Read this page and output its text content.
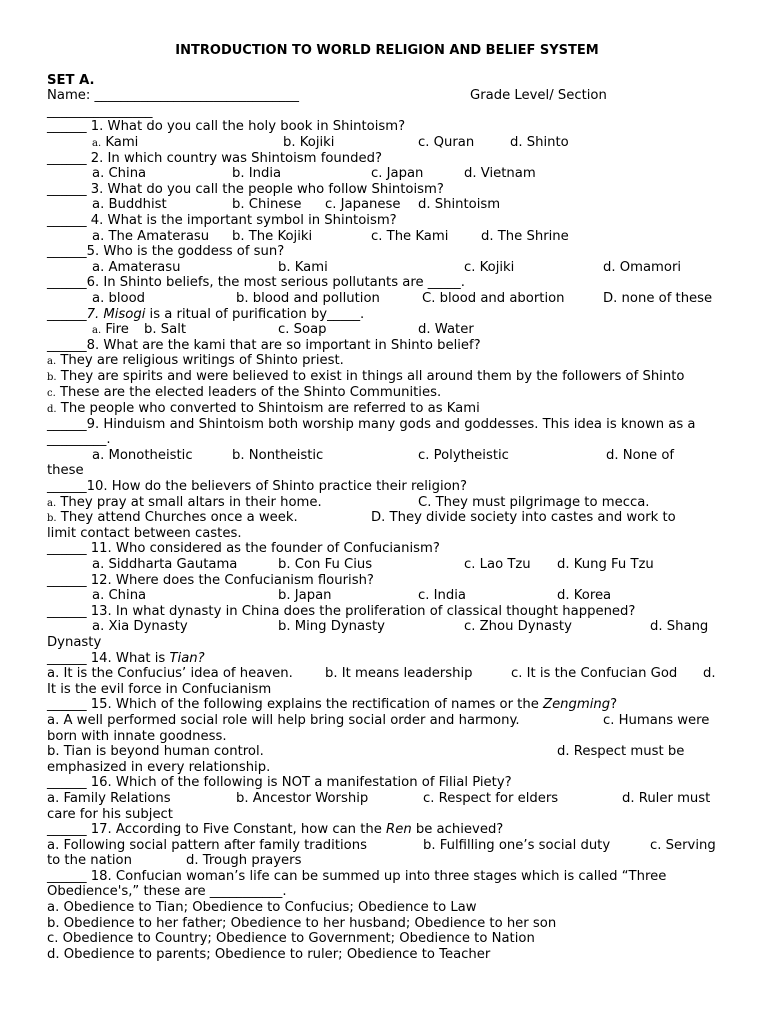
INTRODUCTION TO WORLD RELIGION AND BELIEF SYSTEM
SET A.
Name: _______________________________	Grade Level/ Section
________________
______ 1. What do you call the holy book in Shintoism?
a. Kami	b. Kojiki	c. Quran	d. Shinto
______ 2. In which country was Shintoism founded?
a. China	b. India	c. Japan	d. Vietnam
______ 3. What do you call the people who follow Shintoism?
a. Buddhist	b. Chinese c. Japanese d. Shintoism
______ 4. What is the important symbol in Shintoism?
a. The Amaterasu b. The Kojiki	c. The Kami d. The Shrine
______5. Who is the goddess of sun?
a. Amaterasu	b. Kami	c. Kojiki	d. Omamori
______6. In Shinto beliefs, the most serious pollutants are _____.
a. blood	b. blood and pollution	C. blood and abortion	D. none of these
______7. Misogi is a ritual of purification by_____.
a. Fire b. Salt	c. Soap	d. Water
______8. What are the kami that are so important in Shinto belief?
a. They are religious writings of Shinto priest.
b. They are spirits and were believed to exist in things all around them by the followers of Shinto
c. These are the elected leaders of the Shinto Communities.
d. The people who converted to Shintoism are referred to as Kami
______9. Hinduism and Shintoism both worship many gods and goddesses. This idea is known as a _________.
a. Monotheistic	b. Nontheistic	c. Polytheistic	d. None of
these
______10. How do the believers of Shinto practice their religion?
a. They pray at small altars in their home.	C. They must pilgrimage to mecca.
b. They attend Churches once a week.	D. They divide society into castes and work to
limit contact between castes.
______ 11. Who considered as the founder of Confucianism?
a. Siddharta Gautama	b. Con Fu Cius	c. Lao Tzu d. Kung Fu Tzu
______ 12. Where does the Confucianism flourish?
a. China	b. Japan	c. India	d. Korea
______ 13. In what dynasty in China does the proliferation of classical thought happened?
a. Xia Dynasty	b. Ming Dynasty	c. Zhou Dynasty	d. Shang
Dynasty
______ 14. What is Tian?
a. It is the Confucius’ idea of heaven. b. It means leadership	c. It is the Confucian God d.
It is the evil force in Confucianism
______ 15. Which of the following explains the rectification of names or the Zengming?
a. A well performed social role will help bring social order and harmony.	c. Humans were
born with innate goodness.
b. Tian is beyond human control.	d. Respect must be
emphasized in every relationship.
______ 16. Which of the following is NOT a manifestation of Filial Piety?
a. Family Relations	b. Ancestor Worship	c. Respect for elders	d. Ruler must
care for his subject
______ 17. According to Five Constant, how can the Ren be achieved?
a. Following social pattern after family traditions	b. Fulfilling one’s social duty	c. Serving
to the nation	d. Trough prayers
______ 18. Confucian woman’s life can be summed up into three stages which is called “Three Obedience's,” these are ___________.
a. Obedience to Tian; Obedience to Confucius; Obedience to Law
b. Obedience to her father; Obedience to her husband; Obedience to her son
c. Obedience to Country; Obedience to Government; Obedience to Nation
d. Obedience to parents; Obedience to ruler; Obedience to Teacher
